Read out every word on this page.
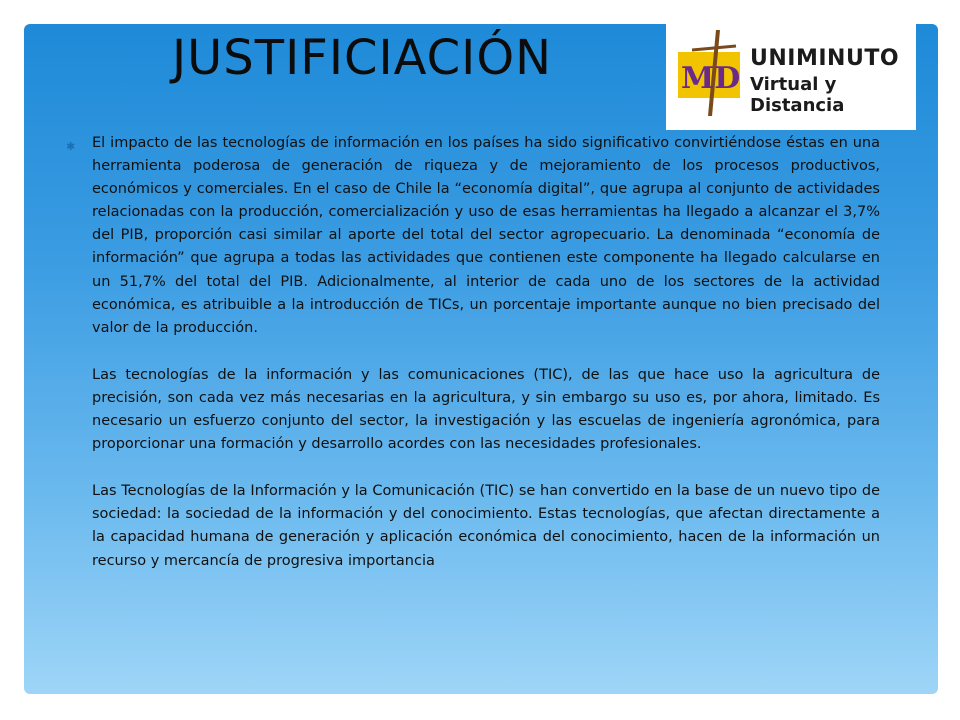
JUSTIFICIACIÓN	MD
UNIMINUTO
Virtual y Distancia
✱ El impacto de las tecnologías de información en los países ha sido significativo convirtiéndose éstas en una herramienta poderosa de generación de riqueza y de mejoramiento de los procesos productivos, económicos y comerciales. En el caso de Chile la “economía digital”, que agrupa al conjunto de actividades relacionadas con la producción, comercialización y uso de esas herramientas ha llegado a alcanzar el 3,7% del PIB, proporción casi similar al aporte del total del sector agropecuario. La denominada “economía de información” que agrupa a todas las actividades que contienen este componente ha llegado calcularse en un 51,7% del total del PIB. Adicionalmente, al interior de cada uno de los sectores de la actividad económica, es atribuible a la introducción de TICs, un porcentaje importante aunque no bien precisado del valor de la producción.

Las tecnologías de la información y las comunicaciones (TIC), de las que hace uso la agricultura de precisión, son cada vez más necesarias en la agricultura, y sin embargo su uso es, por ahora, limitado. Es necesario un esfuerzo conjunto del sector, la investigación y las escuelas de ingeniería agronómica, para proporcionar una formación y desarrollo acordes con las necesidades profesionales.

Las Tecnologías de la Información y la Comunicación (TIC) se han convertido en la base de un nuevo tipo de sociedad: la sociedad de la información y del conocimiento. Estas tecnologías, que afectan directamente a la capacidad humana de generación y aplicación económica del conocimiento, hacen de la información un recurso y mercancía de progresiva importancia
